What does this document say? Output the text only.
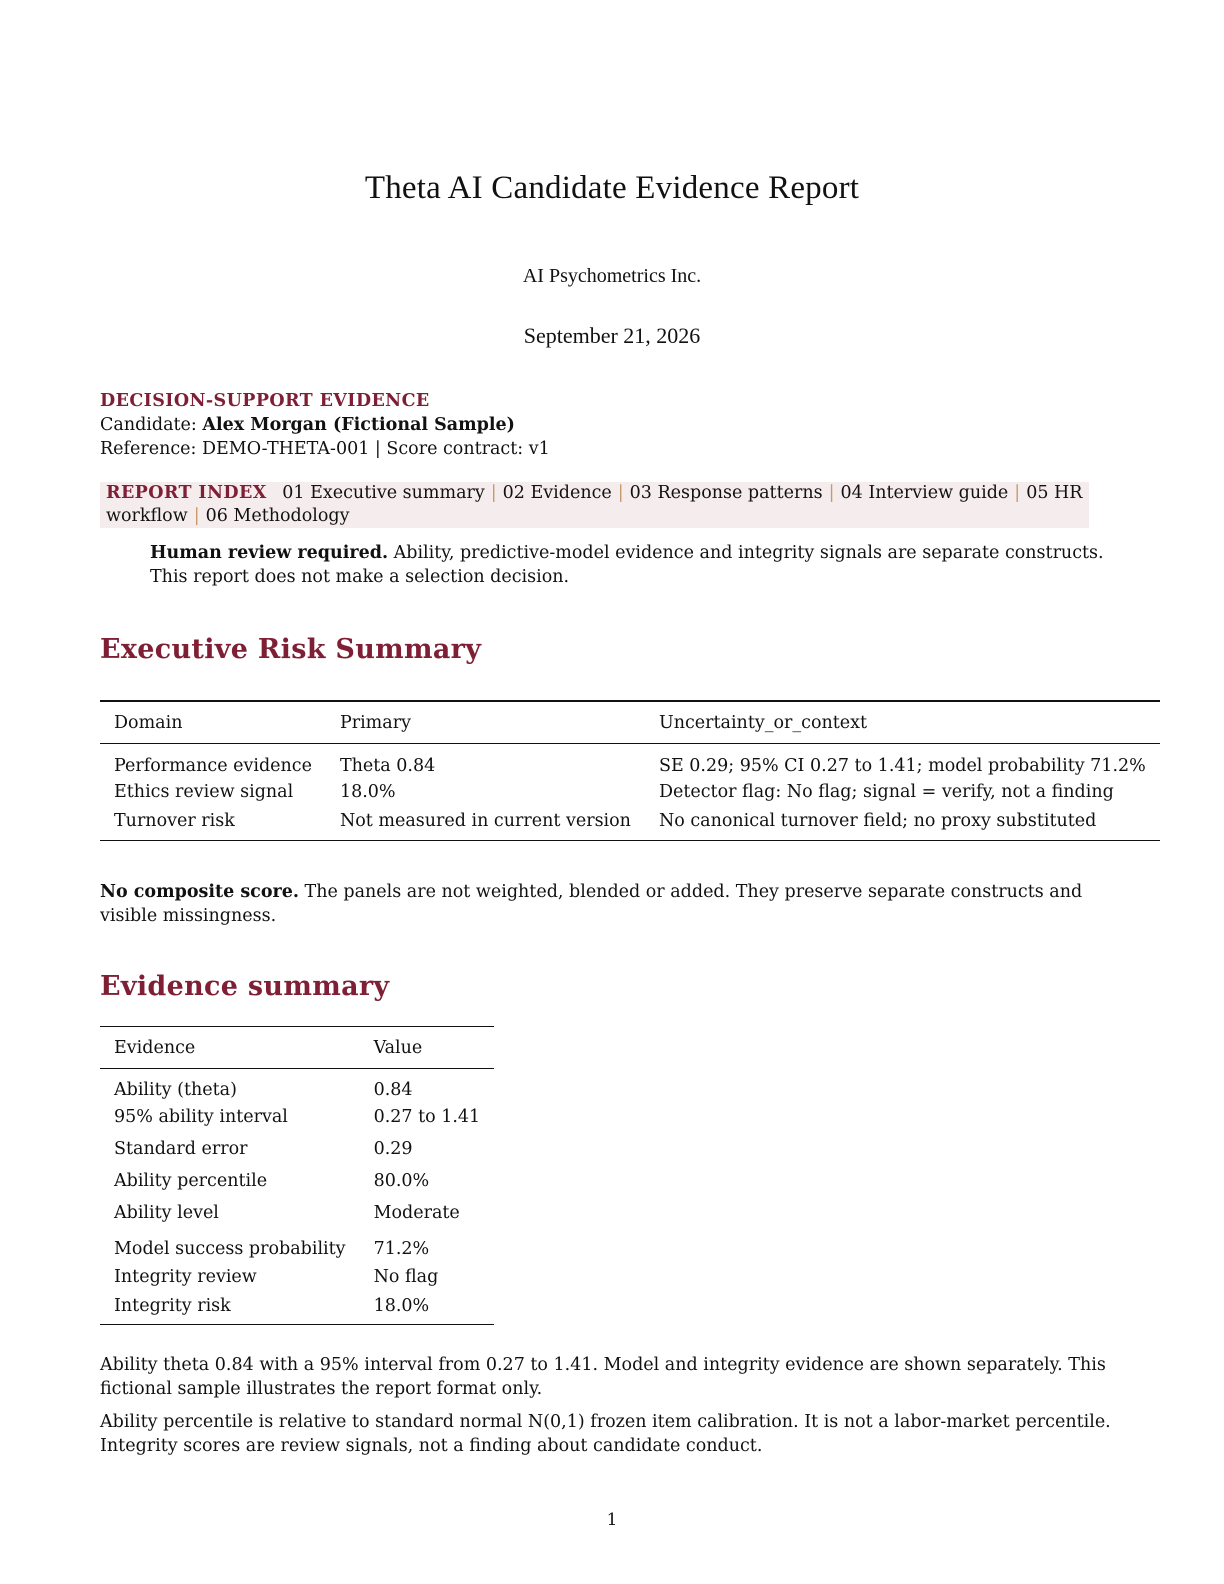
Theta AI Candidate Evidence Report
AI Psychometrics Inc.
September 21, 2026
DECISION-SUPPORT EVIDENCE
Candidate: Alex Morgan (Fictional Sample)
Reference: DEMO-THETA-001 | Score contract: v1
REPORT INDEX 01 Executive summary | 02 Evidence | 03 Response patterns | 04 Interview guide | 05 HR workflow | 06 Methodology
Human review required. Ability, predictive-model evidence and integrity signals are separate constructs. This report does not make a selection decision.
Executive Risk Summary
Domain	Primary	Uncertainty_or_context
Performance evidence	Theta 0.84	SE 0.29; 95% CI 0.27 to 1.41; model probability 71.2%
Ethics review signal	18.0%	Detector flag: No flag; signal = verify, not a finding
Turnover risk	Not measured in current version	No canonical turnover field; no proxy substituted
No composite score. The panels are not weighted, blended or added. They preserve separate constructs and visible missingness.
Evidence summary
Evidence	Value
Ability (theta)	0.84
95% ability interval	0.27 to 1.41
Standard error	0.29
Ability percentile	80.0%
Ability level	Moderate
Model success probability	71.2%
Integrity review	No flag
Integrity risk	18.0%
Ability theta 0.84 with a 95% interval from 0.27 to 1.41. Model and integrity evidence are shown separately. This fictional sample illustrates the report format only.
Ability percentile is relative to standard normal N(0,1) frozen item calibration. It is not a labor-market percentile. Integrity scores are review signals, not a finding about candidate conduct.
1
